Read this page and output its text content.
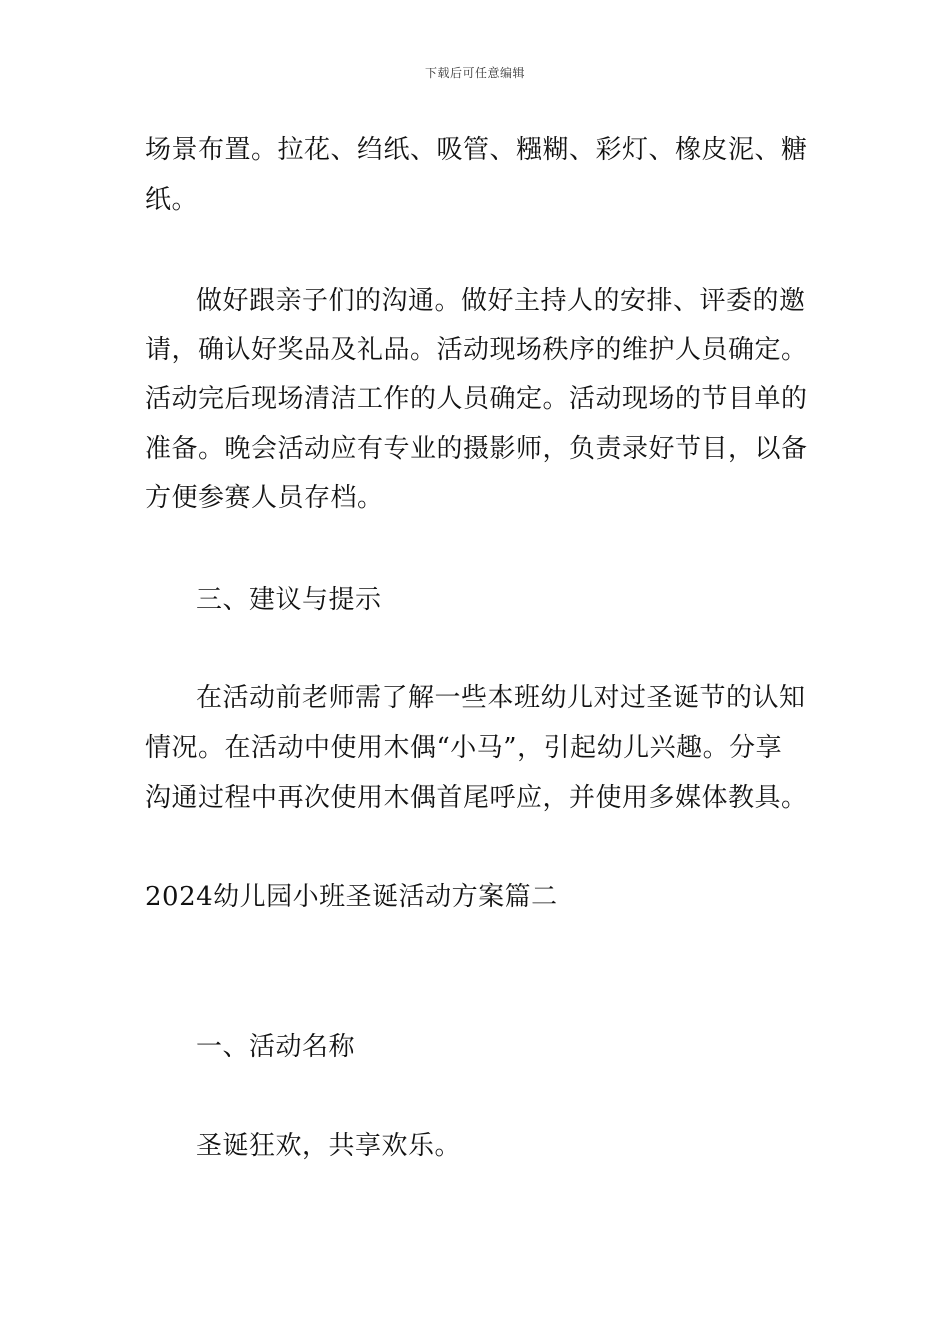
下载后可任意编辑
场景布置。拉花、绉纸、吸管、糨糊、彩灯、橡皮泥、糖
纸。
做好跟亲子们的沟通。做好主持人的安排、评委的邀
请，确认好奖品及礼品。活动现场秩序的维护人员确定。
活动完后现场清洁工作的人员确定。活动现场的节目单的
准备。晚会活动应有专业的摄影师，负责录好节目，以备
方便参赛人员存档。
三、建议与提示
在活动前老师需了解一些本班幼儿对过圣诞节的认知
情况。在活动中使用木偶“小马”，引起幼儿兴趣。分享
沟通过程中再次使用木偶首尾呼应，并使用多媒体教具。
2024幼儿园小班圣诞活动方案篇二
一、活动名称
圣诞狂欢，共享欢乐。
